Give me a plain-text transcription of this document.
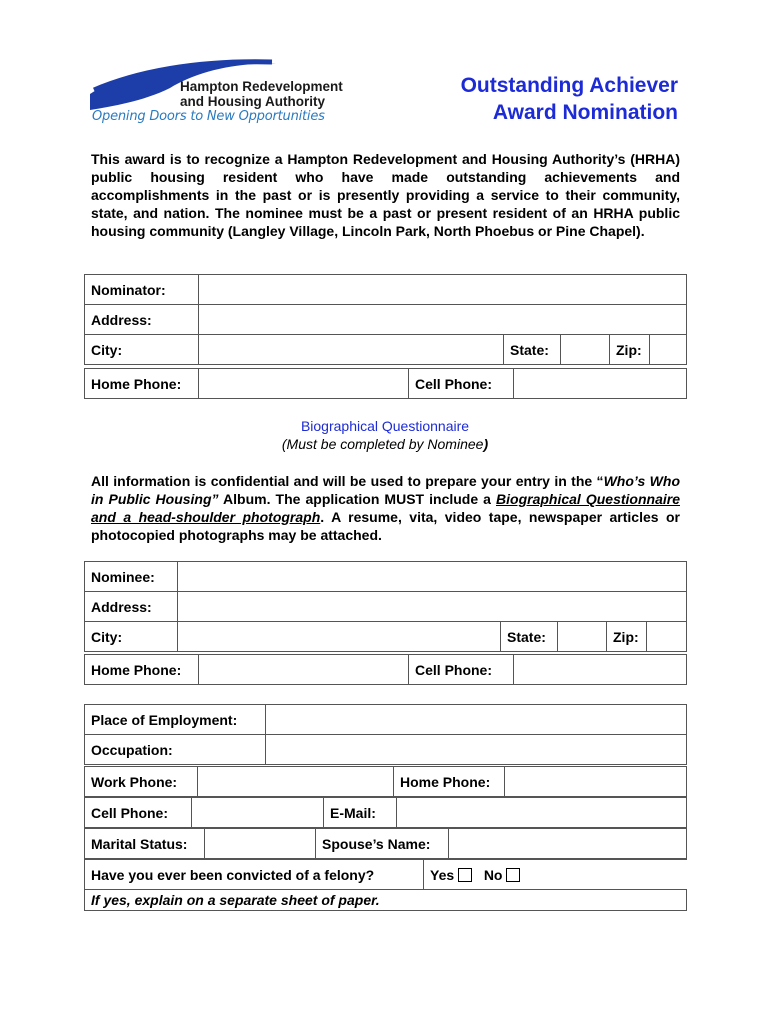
Hampton Redevelopment
and Housing Authority
Opening Doors to New Opportunities
Outstanding Achiever
Award Nomination
This award is to recognize a Hampton Redevelopment and Housing Authority’s (HRHA) public housing resident who have made outstanding achievements and accomplishments in the past or is presently providing a service to their community, state, and nation. The nominee must be a past or present resident of an HRHA public housing community (Langley Village, Lincoln Park, North Phoebus or Pine Chapel).
Nominator:					
Address:					
City:		State:		Zip:	
Home Phone:		Cell Phone:	
Biographical Questionnaire
(Must be completed by Nominee)
All information is confidential and will be used to prepare your entry in the “Who’s Who in Public Housing” Album. The application MUST include a Biographical Questionnaire and a head-shoulder photograph. A resume, vita, video tape, newspaper articles or photocopied photographs may be attached.
Nominee:					
Address:					
City:		State:		Zip:	
Home Phone:		Cell Phone:	
Place of Employment:	
Occupation:	
Work Phone:		Home Phone:	
Cell Phone:		E-Mail:	
Marital Status:		Spouse’s Name:	
Have you ever been convicted of a felony?	Yes No
If yes, explain on a separate sheet of paper.
